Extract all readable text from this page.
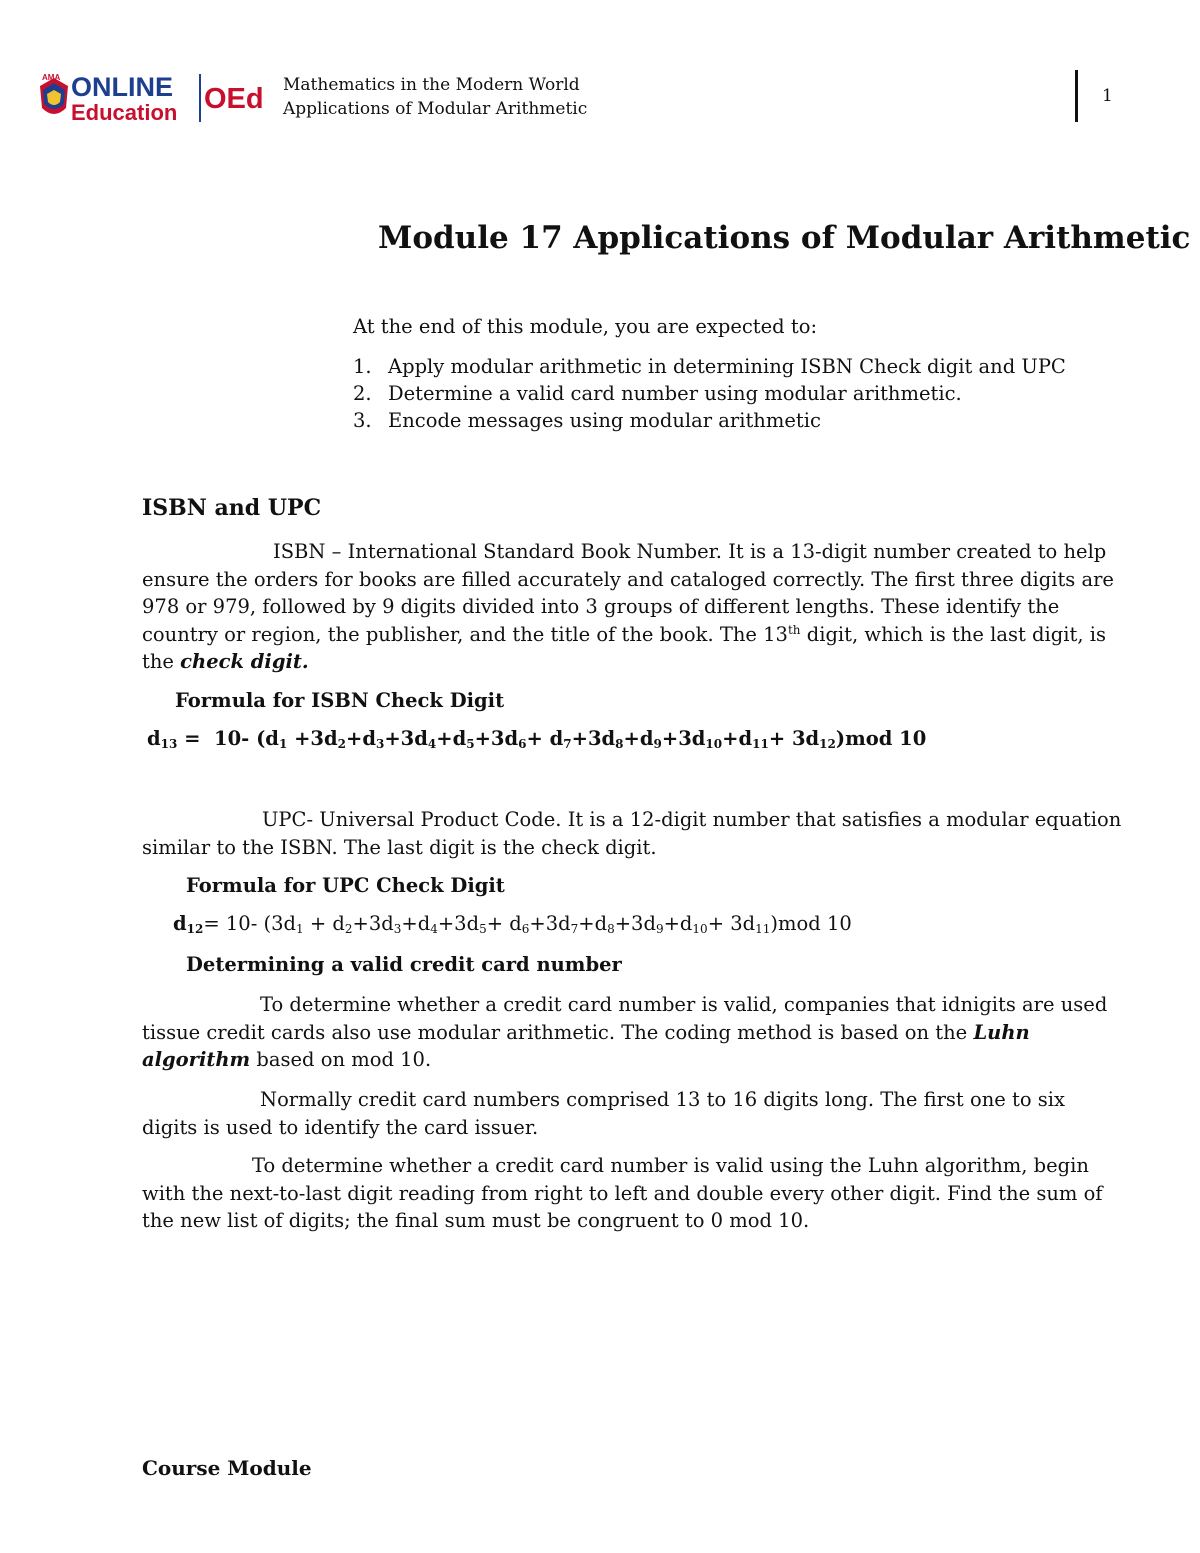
AMA ONLINE
Education OEd Mathematics in the Modern World
Applications of Modular Arithmetic
1
Module 17 Applications of Modular Arithmetic
At the end of this module, you are expected to:
1. Apply modular arithmetic in determining ISBN Check digit and UPC
2. Determine a valid card number using modular arithmetic.
3. Encode messages using modular arithmetic
ISBN and UPC
ISBN – International Standard Book Number. It is a 13-digit number created to help
ensure the orders for books are filled accurately and cataloged correctly. The first three digits are
978 or 979, followed by 9 digits divided into 3 groups of different lengths. These identify the
country or region, the publisher, and the title of the book. The 13th digit, which is the last digit, is
the check digit.
Formula for ISBN Check Digit
$d_{13} = 10-$ $(d_1 +3d_2+d_3+3d_4+d_5+3d_6+ d_7+3d_8+d_9+3d_{10}+d_{11}+ 3d_{12})mod$ 10
UPC- Universal Product Code. It is a 12-digit number that satisfies a modular equation
similar to the ISBN. The last digit is the check digit.
Formula for UPC Check Digit
$d_{12}= 10-$ $(3d_1 + d_2+3d_3+d_4+3d_5+ d_6+3d_7+d_8+3d_9+d_{10}+ 3d_{11})mod$ 10
Determining a valid credit card number
To determine whether a credit card number is valid, companies that idnigits are used
tissue credit cards also use modular arithmetic. The coding method is based on the Luhn
algorithm based on mod 10.
Normally credit card numbers comprised 13 to 16 digits long. The first one to six
digits is used to identify the card issuer.
To determine whether a credit card number is valid using the Luhn algorithm, begin
with the next-to-last digit reading from right to left and double every other digit. Find the sum of
the new list of digits; the final sum must be congruent to 0 mod 10.
Course Module
